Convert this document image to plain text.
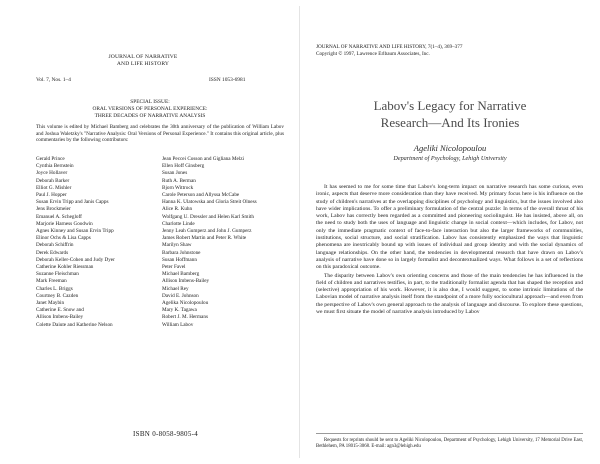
JOURNAL OF NARRATIVE
AND LIFE HISTORY
Vol. 7, Nos. 1–4	ISSN 1053-6981
SPECIAL ISSUE:
ORAL VERSIONS OF PERSONAL EXPERIENCE:
THREE DECADES OF NARRATIVE ANALYSIS
This volume is edited by Michael Bamberg and celebrates the 30th anniversary of the publication of William Labov and Joshua Waletzky's "Narrative Analysis: Oral Versions of Personal Experience." It contains this original article, plus commentaries by the following contributors:
Gerald Prince
Cynthia Bernstein
Joyce Hollaver
Deborah Barker
Elliot G. Mishler
Paul J. Hopper
Susan Ervin Tripp and Janis Capps
Jens Brockmeier
Emanuel A. Schegloff
Marjorie Harness Goodwin
Agnes Kinney and Susan Ervin Tripp
Elinor Ochs & Lisa Capps
Deborah Schiffrin
Derek Edwards
Deborah Keller-Cohen and Judy Dyer
Catherine Kohler Riessman
Suzanne Fleischman
Mark Freeman
Charles L. Briggs
Courtney B. Cazden
Janet Maybin
Catherine E. Snow and
Allison Imbens-Bailey
Colette Daiute and Katherine Nelson
Jean Peccei Cosson and Gigliana Melzi
Ellen Hoff Ginsberg
Susan Jones
Ruth A. Berman
Bjorn Wittrock
Carole Peterson and Allyssa McCabe
Hanna K. Ulatowska and Gloria Streit Olness
Alice R. Kuhn
Wolfgang U. Dressler and Helen Karl Smith
Charlotte Linde
Jenny Leah Gumperz and John J. Gumperz
James Robert Martin and Peter R. White
Marilyn Shaw
Barbara Johnstone
Susan Hoffmann
Peter Favel
Michael Bamberg
Allison Imbens-Bailey
Michael Rey
David E. Johnson
Agelika Nicolopoulou
Mary K. Tagawa
Robert J. M. Hermans
William Labov
ISBN 0-8058-9805-4
JOURNAL OF NARRATIVE AND LIFE HISTORY, 7(1–4), 369–377
Copyright © 1997, Lawrence Erlbaum Associates, Inc.
Labov's Legacy for Narrative
Research—And Its Ironies
Ageliki Nicolopoulou
Department of Psychology, Lehigh University

It has seemed to me for some time that Labov's long-term impact on narrative research has some curious, even ironic, aspects that deserve more consideration than they have received. My primary focus here is his influence on the study of children's narratives at the overlapping disciplines of psychology and linguistics, but the issues involved also have wider implications. To offer a preliminary formulation of the central puzzle: In terms of the overall thrust of his work, Labov has correctly been regarded as a committed and pioneering sociolinguist. He has insisted, above all, on the need to study both the uses of language and linguistic change in social context—which includes, for Labov, not only the immediate pragmatic context of face-to-face interaction but also the larger frameworks of communities, institutions, social structure, and social stratification. Labov has consistently emphasized the ways that linguistic phenomena are inextricably bound up with issues of individual and group identity and with the social dynamics of language relationships. On the other hand, the tendencies in developmental research that have drawn on Labov's analysis of narrative have done so in largely formalist and decontextualized ways. What follows is a set of reflections on this paradoxical outcome.

The disparity between Labov's own orienting concerns and those of the main tendencies he has influenced in the field of children and narratives testifies, in part, to the traditionally formalist agenda that has shaped the reception and (selective) appropriation of his work. However, it is also due, I would suggest, to some intrinsic limitations of the Labovian model of narrative analysis itself from the standpoint of a more fully sociocultural approach—and even from the perspective of Labov's own general approach to the analysis of language and discourse. To explore these questions, we must first situate the model of narrative analysis introduced by Labov

Requests for reprints should be sent to Ageliki Nicolopoulou, Department of Psychology, Lehigh University, 17 Memorial Drive East, Bethlehem, PA 18015-3068. E-mail: agn3@lehigh.edu
